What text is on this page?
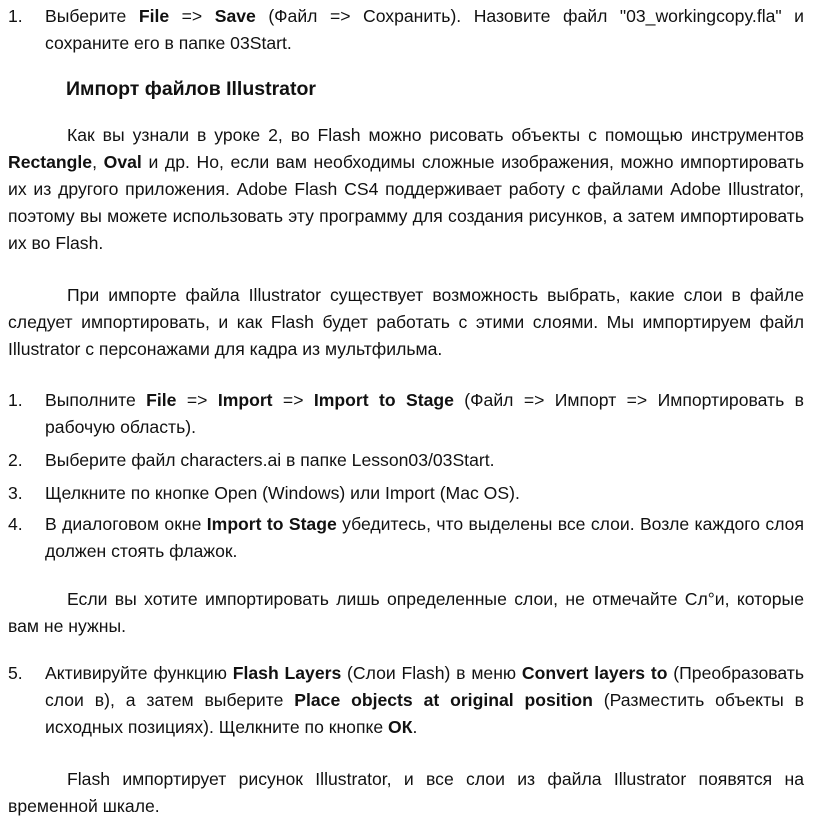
1.	Выберите File => Save (Файл => Сохранить). Назовите файл "03_workingcopy.fla" и сохраните его в папке 03Start.
Импорт файлов Illustrator
Как вы узнали в уроке 2, во Flash можно рисовать объекты с помощью инструментов Rectangle, Oval и др. Но, если вам необходимы сложные изображения, можно импортировать их из другого приложения. Adobe Flash CS4 поддерживает работу с файлами Adobe Illustrator, поэтому вы можете использовать эту программу для создания рисунков, а затем импортировать их во Flash.
При импорте файла Illustrator существует возможность выбрать, какие слои в файле следует импортировать, и как Flash будет работать с этими слоями. Мы импортируем файл Illustrator с персонажами для кадра из мультфильма.
1.	Выполните File => Import => Import to Stage (Файл => Импорт => Импортировать в рабочую область).
2.	Выберите файл characters.ai в папке Lesson03/03Start.
3.	Щелкните по кнопке Open (Windows) или Import (Mac OS).
4.	В диалоговом окне Import to Stage убедитесь, что выделены все слои. Возле каждого слоя должен стоять флажок.
Если вы хотите импортировать лишь определенные слои, не отмечайте Сл°и, которые вам не нужны.
5.	Активируйте функцию Flash Layers (Слои Flash) в меню Convert layers to (Преобразовать слои в), а затем выберите Place objects at original position (Разместить объекты в исходных позициях). Щелкните по кнопке ОК.
Flash импортирует рисунок Illustrator, и все слои из файла Illustrator появятся на временной шкале.
